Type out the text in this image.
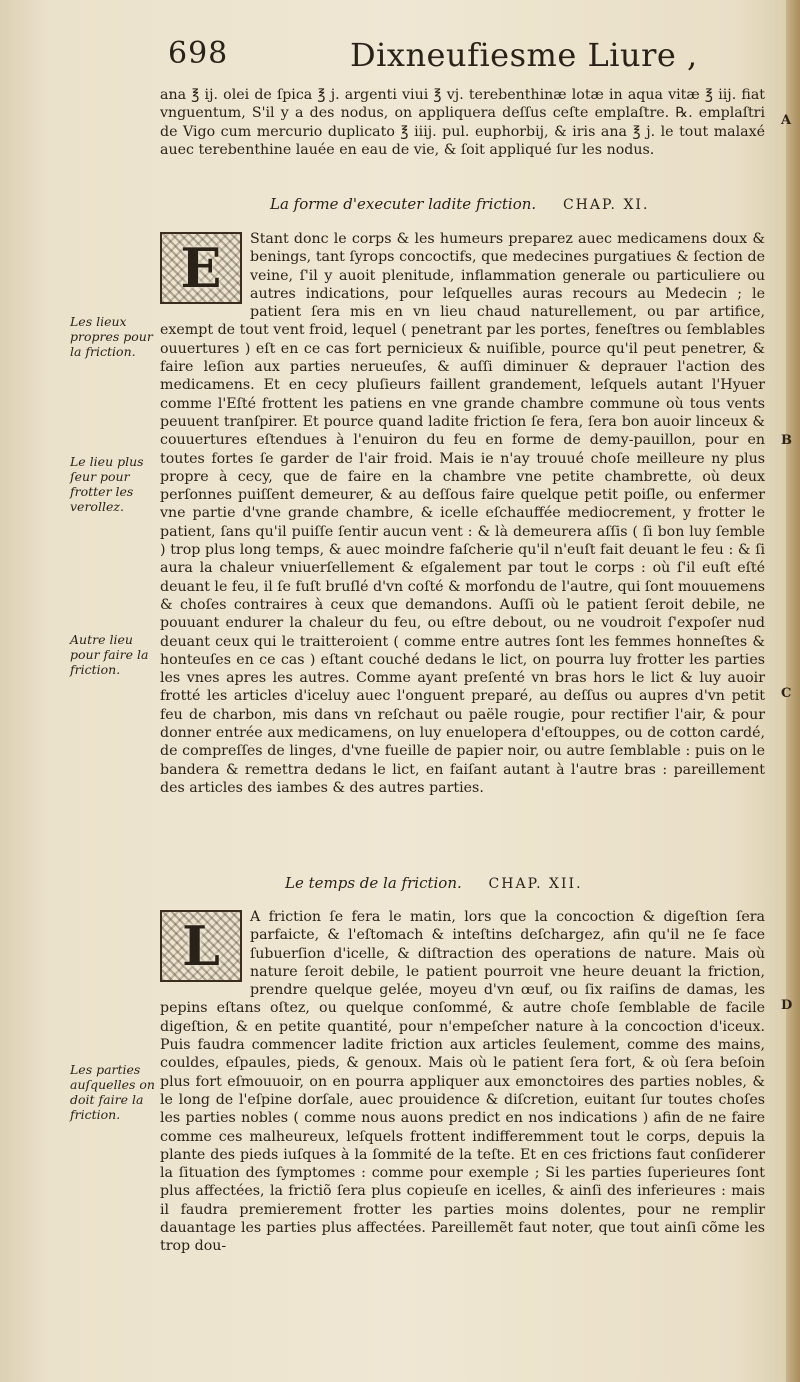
698	Dixneufiesme Liure ,

ana ℥ ij. olei de ſpica ℥ j. argenti viui ℥ vj. terebenthinæ lotæ in aqua vitæ ℥ iij. fiat vnguentum, S'il y a des nodus, on appliquera deſſus ceſte emplaſtre. ℞. emplaſtri de Vigo cum mercurio duplicato ℥ iiij. pul. euphorbij, & iris ana ℥ j. le tout malaxé auec terebenthine lauée en eau de vie, & ſoit appliqué ſur les nodus.

La forme d'executer ladite friction. CHAP. XI.
E	Stant donc le corps & les humeurs preparez auec medicamens doux & benings, tant ſyrops concoctifs, que medecines purgatiues & ſection de veine, ſ'il y auoit plenitude, inflammation generale ou particuliere ou autres indications, pour leſquelles auras recours au Medecin ; le patient ſera mis en vn lieu chaud naturellement, ou par artifice, exempt de tout vent froid, lequel ( penetrant par les portes, feneſtres ou ſemblables ouuertures ) eſt en ce cas fort pernicieux & nuiſible, pource qu'il peut penetrer, & faire leſion aux parties nerueuſes, & auſſi diminuer & deprauer l'action des medicamens. Et en cecy pluſieurs faillent grandement, leſquels autant l'Hyuer comme l'Eſté frottent les patiens en vne grande chambre commune où tous vents peuuent tranſpirer. Et pource quand ladite friction ſe fera, ſera bon auoir linceux & couuertures eſtendues à l'enuiron du feu en forme de demy-pauillon, pour en toutes fortes ſe garder de l'air froid. Mais ie n'ay trouué choſe meilleure ny plus propre à cecy, que de faire en la chambre vne petite chambrette, où deux perſonnes puiſſent demeurer, & au deſſous faire quelque petit poiſle, ou enfermer vne partie d'vne grande chambre, & icelle eſchauffée mediocrement, y frotter le patient, ſans qu'il puiſſe ſentir aucun vent : & là demeurera aſſis ( ſi bon luy ſemble ) trop plus long temps, & auec moindre faſcherie qu'il n'euſt fait deuant le feu : & ſi aura la chaleur vniuerſellement & eſgalement par tout le corps : où ſ'il euſt eſté deuant le feu, il ſe fuſt bruſlé d'vn coſté & morfondu de l'autre, qui ſont mouuemens & choſes contraires à ceux que demandons. Auſſi où le patient ſeroit debile, ne pouuant endurer la chaleur du feu, ou eſtre debout, ou ne voudroit ſ'expoſer nud deuant ceux qui le traitteroient ( comme entre autres ſont les femmes honneſtes & honteuſes en ce cas ) eſtant couché dedans le lict, on pourra luy frotter les parties les vnes apres les autres. Comme ayant preſenté vn bras hors le lict & luy auoir frotté les articles d'iceluy auec l'onguent preparé, au deſſus ou aupres d'vn petit feu de charbon, mis dans vn reſchaut ou paële rougie, pour rectifier l'air, & pour donner entrée aux medicamens, on luy enuelopera d'eſtouppes, ou de cotton cardé, de compreſſes de linges, d'vne fueille de papier noir, ou autre ſemblable : puis on le bandera & remettra dedans le lict, en faiſant autant à l'autre bras : pareillement des articles des iambes & des autres parties.

Le temps de la friction. CHAP. XII.
L	A friction ſe fera le matin, lors que la concoction & digeſtion ſera parfaicte, & l'eſtomach & inteſtins deſchargez, afin qu'il ne ſe face ſubuerſion d'icelle, & diſtraction des operations de nature. Mais où nature ſeroit debile, le patient pourroit vne heure deuant la friction, prendre quelque gelée, moyeu d'vn œuf, ou ſix raiſins de damas, les pepins eſtans oſtez, ou quelque conſommé, & autre choſe ſemblable de facile digeſtion, & en petite quantité, pour n'empeſcher nature à la concoction d'iceux. Puis faudra commencer ladite friction aux articles ſeulement, comme des mains, couldes, eſpaules, pieds, & genoux. Mais où le patient ſera fort, & où ſera beſoin plus fort eſmouuoir, on en pourra appliquer aux emonctoires des parties nobles, & le long de l'eſpine dorſale, auec prouidence & diſcretion, euitant ſur toutes choſes les parties nobles ( comme nous auons predict en nos indications ) afin de ne faire comme ces malheureux, leſquels frottent indifferemment tout le corps, depuis la plante des pieds iuſques à la ſommité de la teſte. Et en ces frictions faut conſiderer la ſituation des ſymptomes : comme pour exemple ; Si les parties ſuperieures ſont plus affectées, la frictiõ ſera plus copieuſe en icelles, & ainſi des inferieures : mais il faudra premierement frotter les parties moins dolentes, pour ne remplir dauantage les parties plus affectées. Pareillemẽt faut noter, que tout ainſi cõme les trop dou-

Les lieux propres pour la friction.
Le lieu plus ſeur pour frotter les verollez.
Autre lieu pour faire la friction.
Les parties auſquelles on doit faire la friction.
A
B
C
D
